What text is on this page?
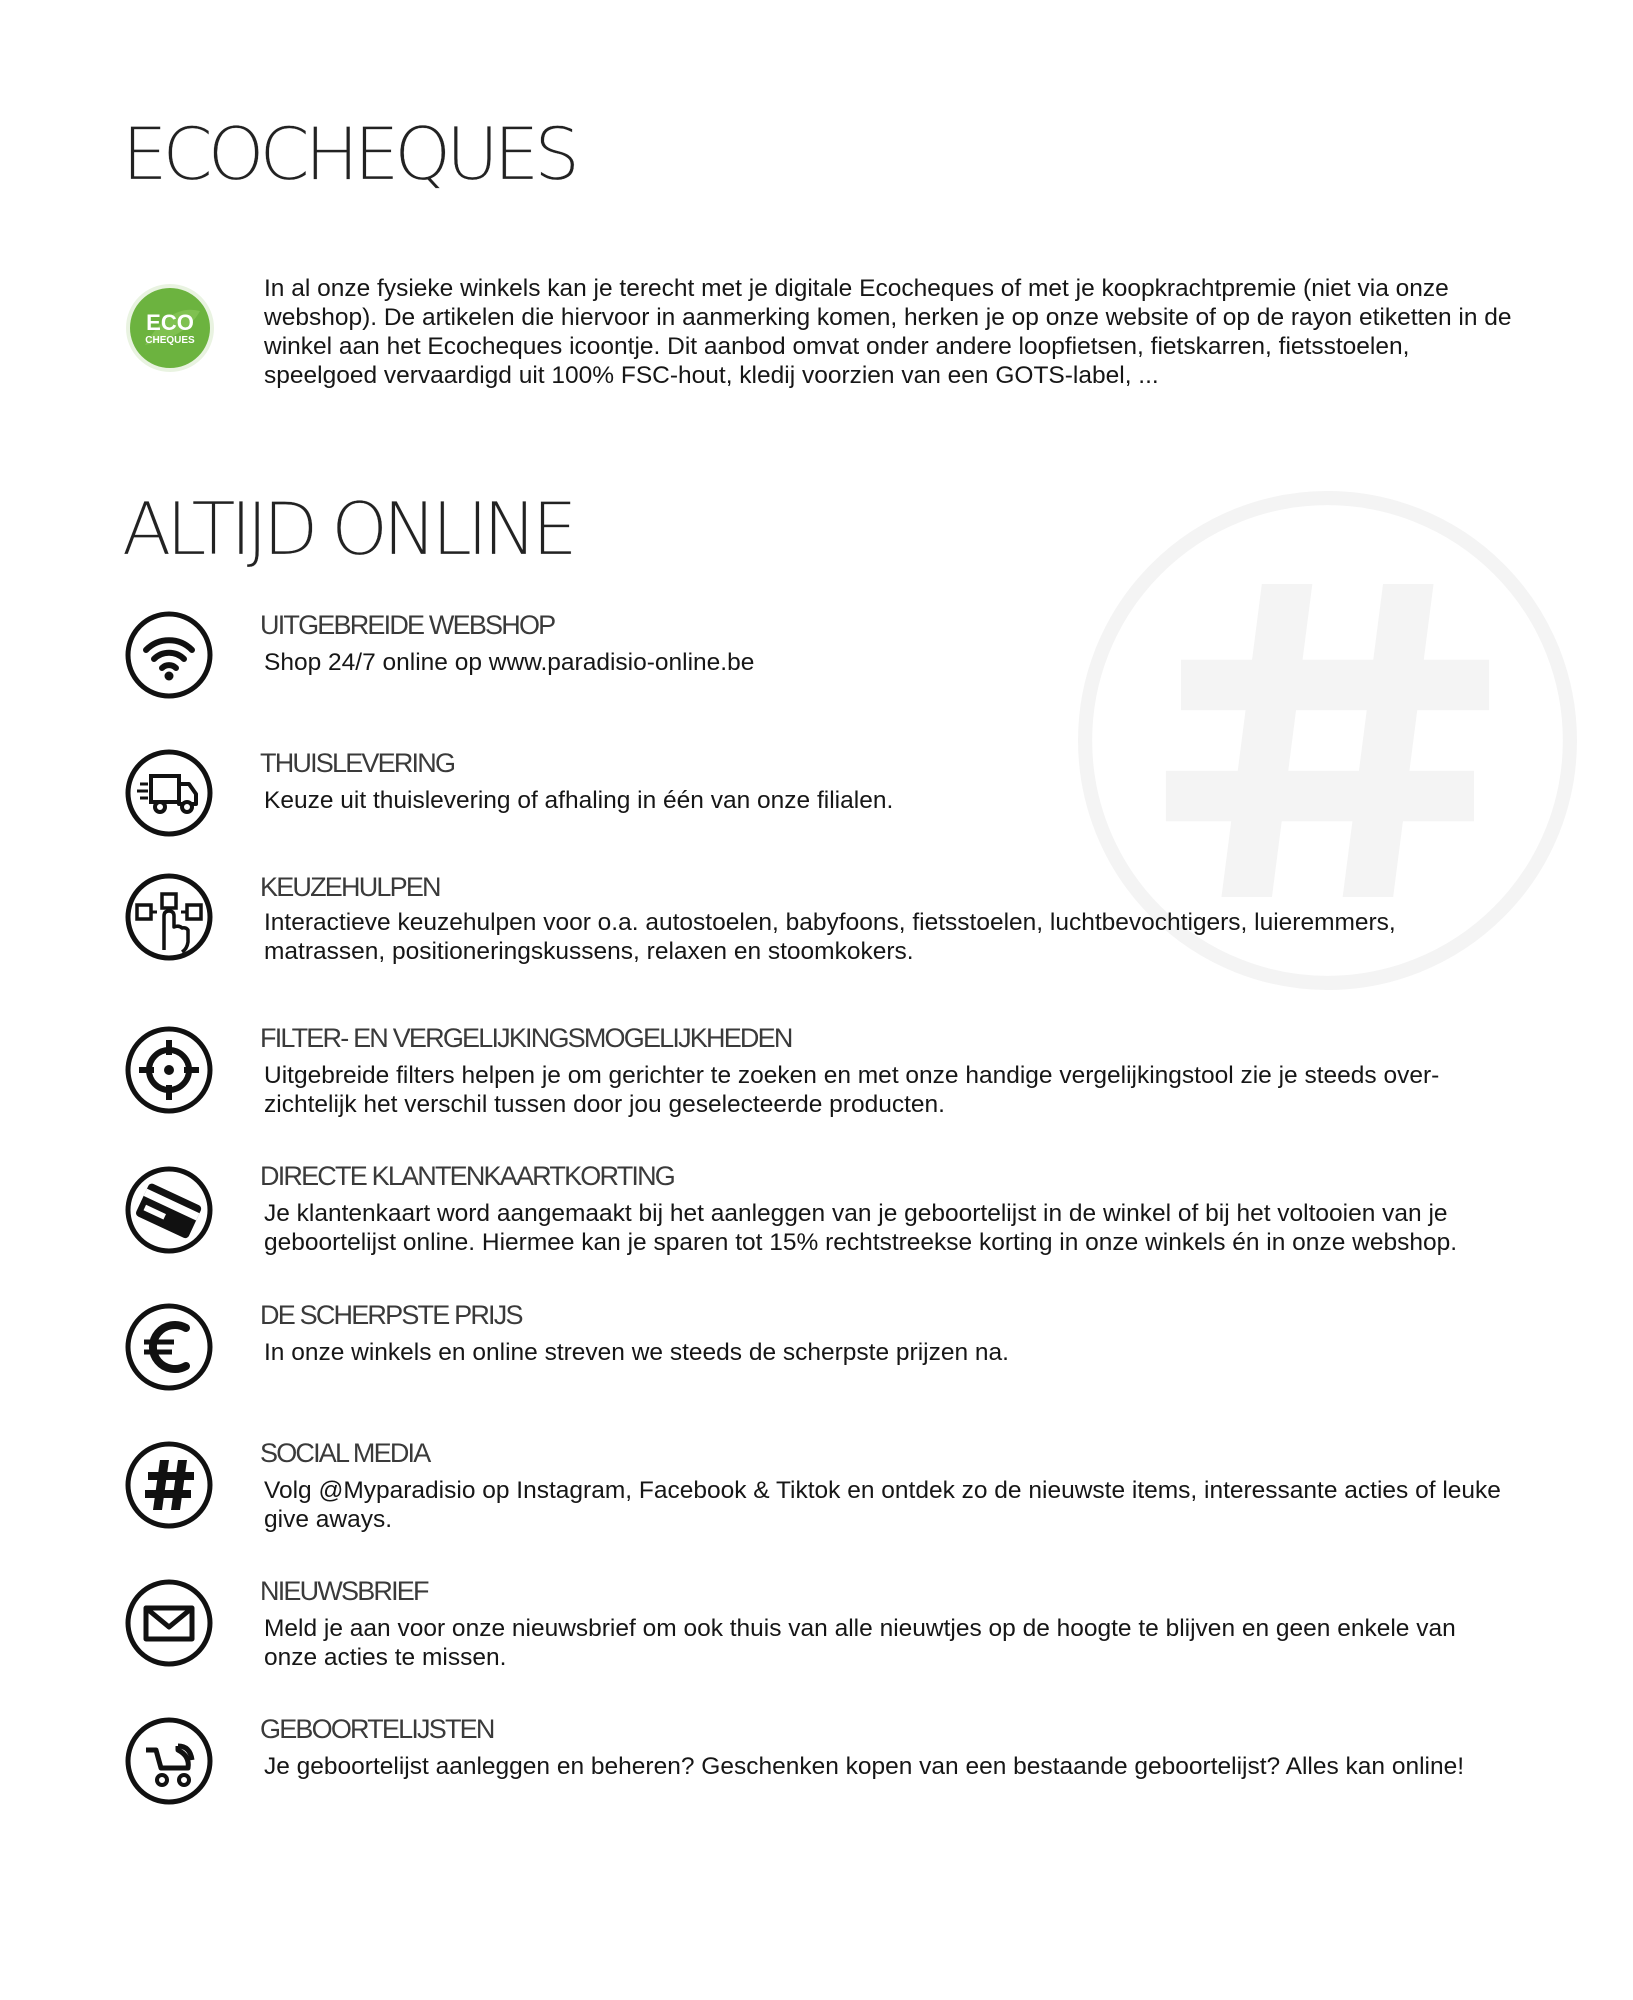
ECOCHEQUES
ECO
CHEQUES
In al onze fysieke winkels kan je terecht met je digitale Ecocheques of met je koopkrachtpremie (niet via onze webshop). De artikelen die hiervoor in aanmerking komen, herken je op onze website of op de rayon etiketten in de winkel aan het Ecocheques icoontje. Dit aanbod omvat onder andere loopfietsen, fietskarren, fietsstoelen, speelgoed vervaardigd uit 100% FSC-hout, kledij voorzien van een GOTS-label, ...
ALTIJD ONLINE
UITGEBREIDE WEBSHOP
Shop 24/7 online op www.paradisio-online.be
THUISLEVERING
Keuze uit thuislevering of afhaling in één van onze filialen.
KEUZEHULPEN
Interactieve keuzehulpen voor o.a. autostoelen, babyfoons, fietsstoelen, luchtbevochtigers, luieremmers, matrassen, positioneringskussens, relaxen en stoomkokers.
FILTER- EN VERGELIJKINGSMOGELIJKHEDEN
Uitgebreide filters helpen je om gerichter te zoeken en met onze handige vergelijkingstool zie je steeds over-zichtelijk het verschil tussen door jou geselecteerde producten.
DIRECTE KLANTENKAARTKORTING
Je klantenkaart word aangemaakt bij het aanleggen van je geboortelijst in de winkel of bij het voltooien van je geboortelijst online. Hiermee kan je sparen tot 15% rechtstreekse korting in onze winkels én in onze webshop.
DE SCHERPSTE PRIJS
In onze winkels en online streven we steeds de scherpste prijzen na.
SOCIAL MEDIA
Volg @Myparadisio op Instagram, Facebook & Tiktok en ontdek zo de nieuwste items, interessante acties of leuke give aways.
NIEUWSBRIEF
Meld je aan voor onze nieuwsbrief om ook thuis van alle nieuwtjes op de hoogte te blijven en geen enkele van onze acties te missen.
GEBOORTELIJSTEN
Je geboortelijst aanleggen en beheren? Geschenken kopen van een bestaande geboortelijst? Alles kan online!
